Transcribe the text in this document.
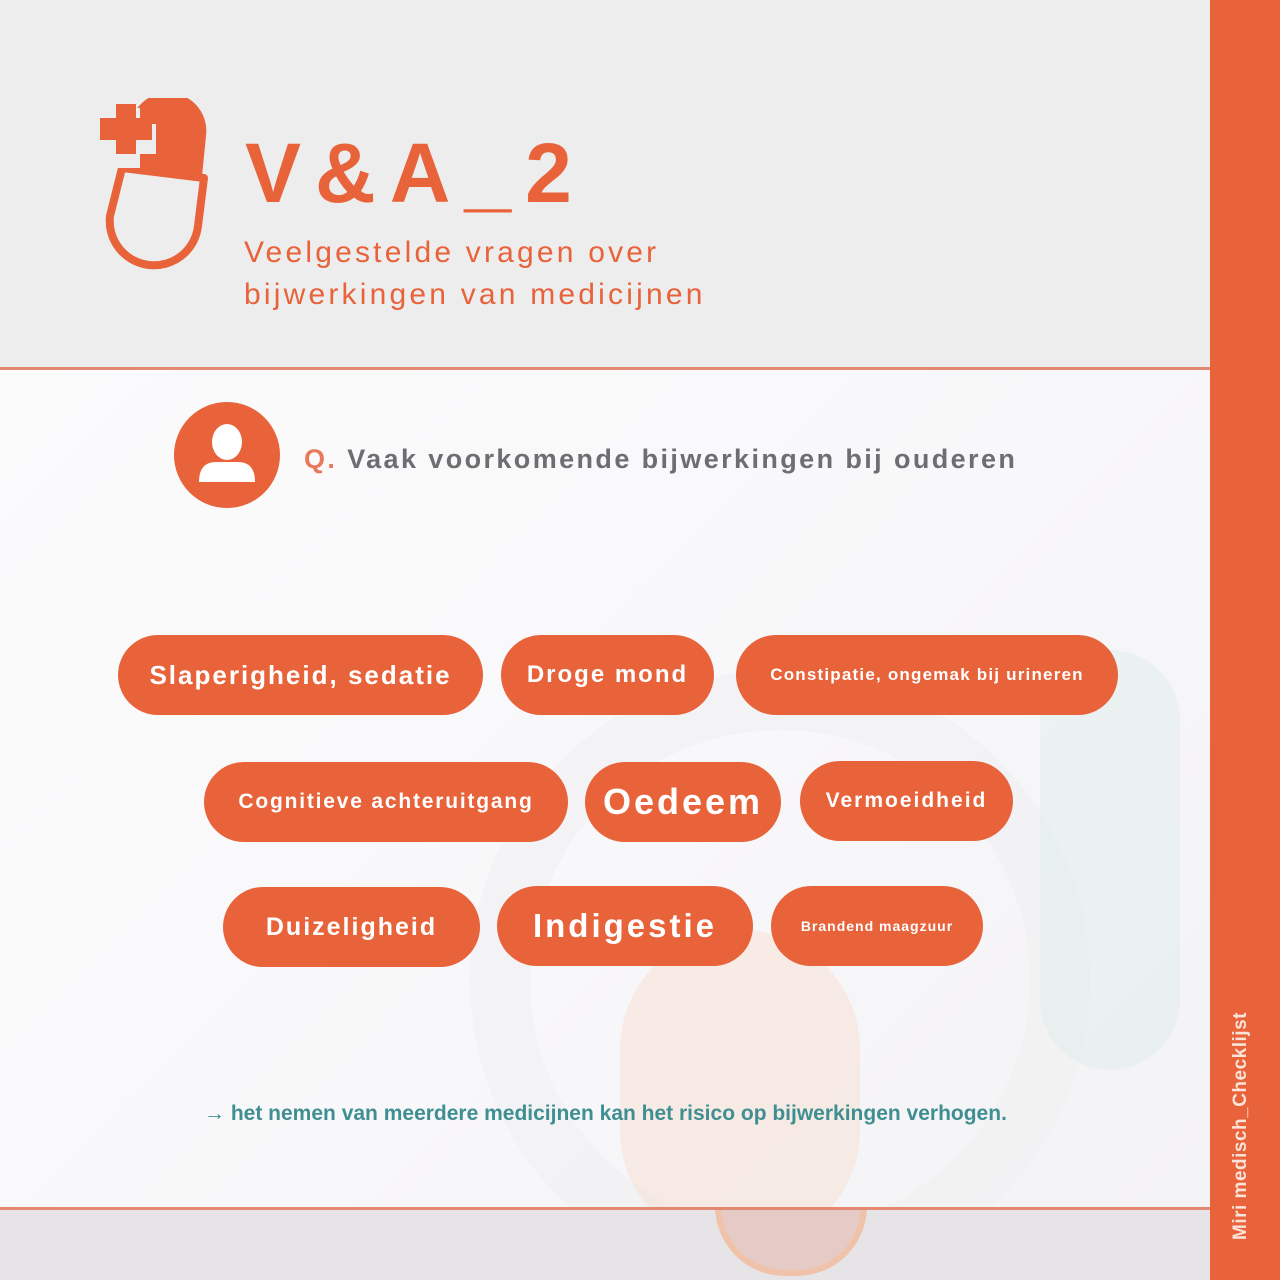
V&A_2
Veelgestelde vragen over
bijwerkingen van medicijnen
Q. Vaak voorkomende bijwerkingen bij ouderen
Slaperigheid, sedatie	Droge mond	Constipatie, ongemak bij urineren
Cognitieve achteruitgang Oedeem	Vermoeidheid
Duizeligheid	Indigestie	Brandend maagzuur
→ het nemen van meerdere medicijnen kan het risico op bijwerkingen verhogen.	Miri medisch_Checklijst
